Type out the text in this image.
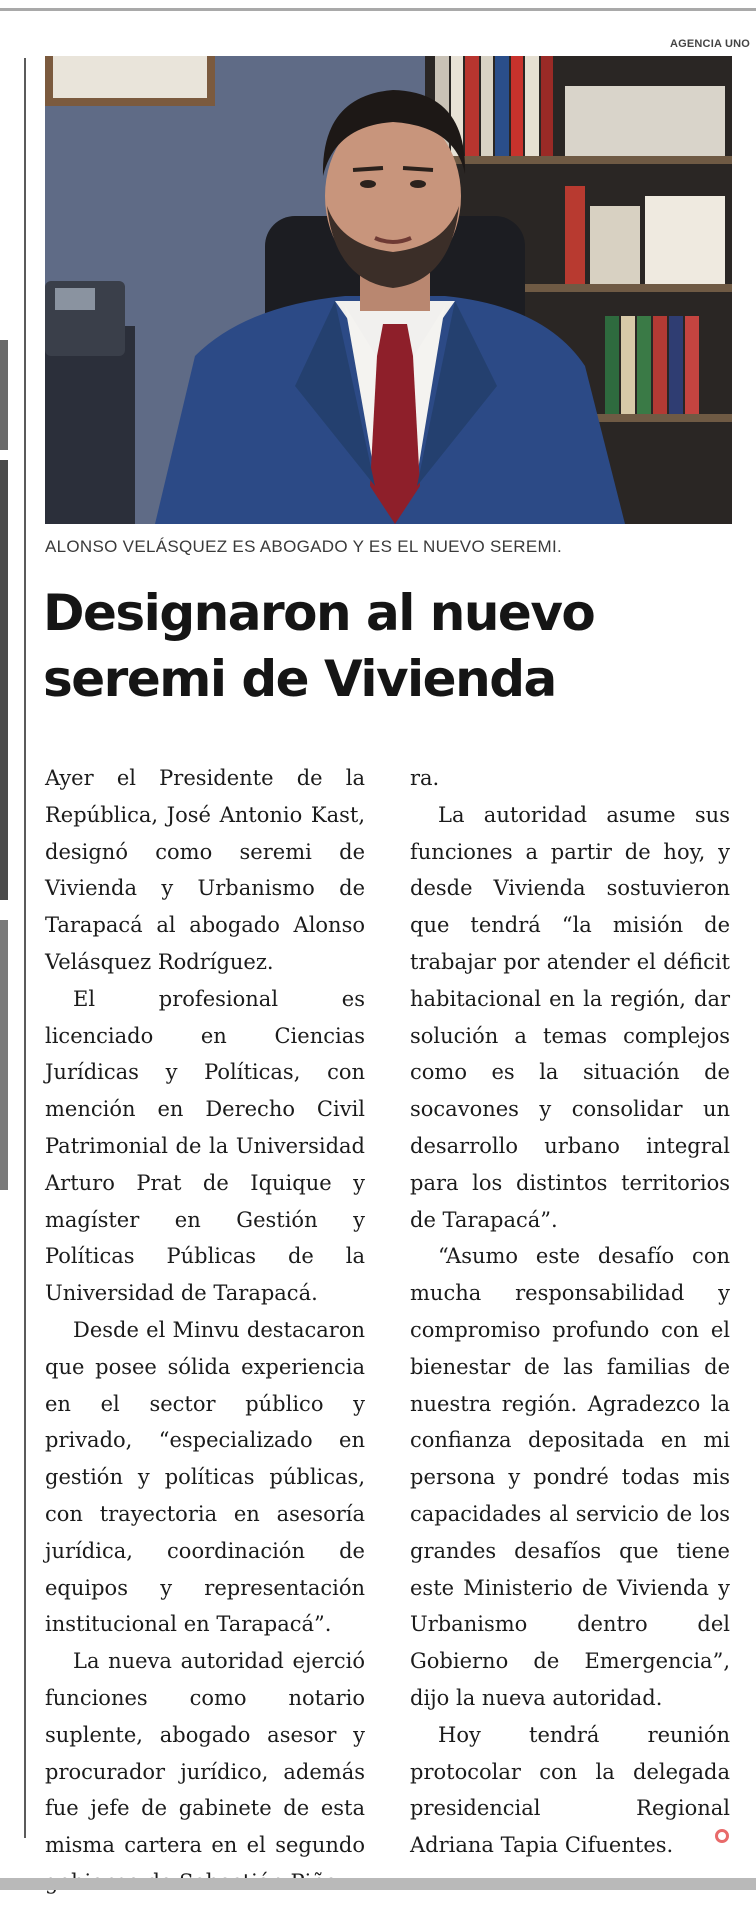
AGENCIA UNO
ALONSO VELÁSQUEZ ES ABOGADO Y ES EL NUEVO SEREMI.
Designaron al nuevo seremi de Vivienda

Ayer el Presidente de la República, José Antonio Kast, designó como seremi de Vivienda y Urbanismo de Tarapacá al abogado Alonso Velásquez Rodríguez.

El profesional es licenciado en Ciencias Jurídicas y Políticas, con mención en Derecho Civil Patrimonial de la Universidad Arturo Prat de Iquique y magíster en Gestión y Políticas Públicas de la Universidad de Tarapacá.

Desde el Minvu destacaron que posee sólida experiencia en el sector público y privado, “especializado en gestión y políticas públicas, con trayectoria en asesoría jurídica, coordinación de equipos y representación institucional en Tarapacá”.

La nueva autoridad ejerció funciones como notario suplente, abogado asesor y procurador jurídico, además fue jefe de gabinete de esta misma cartera en el segundo

ra.

La autoridad asume sus funciones a partir de hoy, y desde Vivienda sostuvieron que tendrá “la misión de trabajar por atender el déficit habitacional en la región, dar solución a temas complejos como es la situación de socavones y consolidar un desarrollo urbano integral para los distintos territorios de Tarapacá”.

“Asumo este desafío con mucha responsabilidad y compromiso profundo con el bienestar de las familias de nuestra región. Agradezco la confianza depositada en mi persona y pondré todas mis capacidades al servicio de los grandes desafíos que tiene este Ministerio de Vivienda y Urbanismo dentro del Gobierno de Emergencia”, dijo la nueva autoridad.

Hoy tendrá reunión protocolar con la delegada presidencial Regional Adriana Tapia Cifuentes.
